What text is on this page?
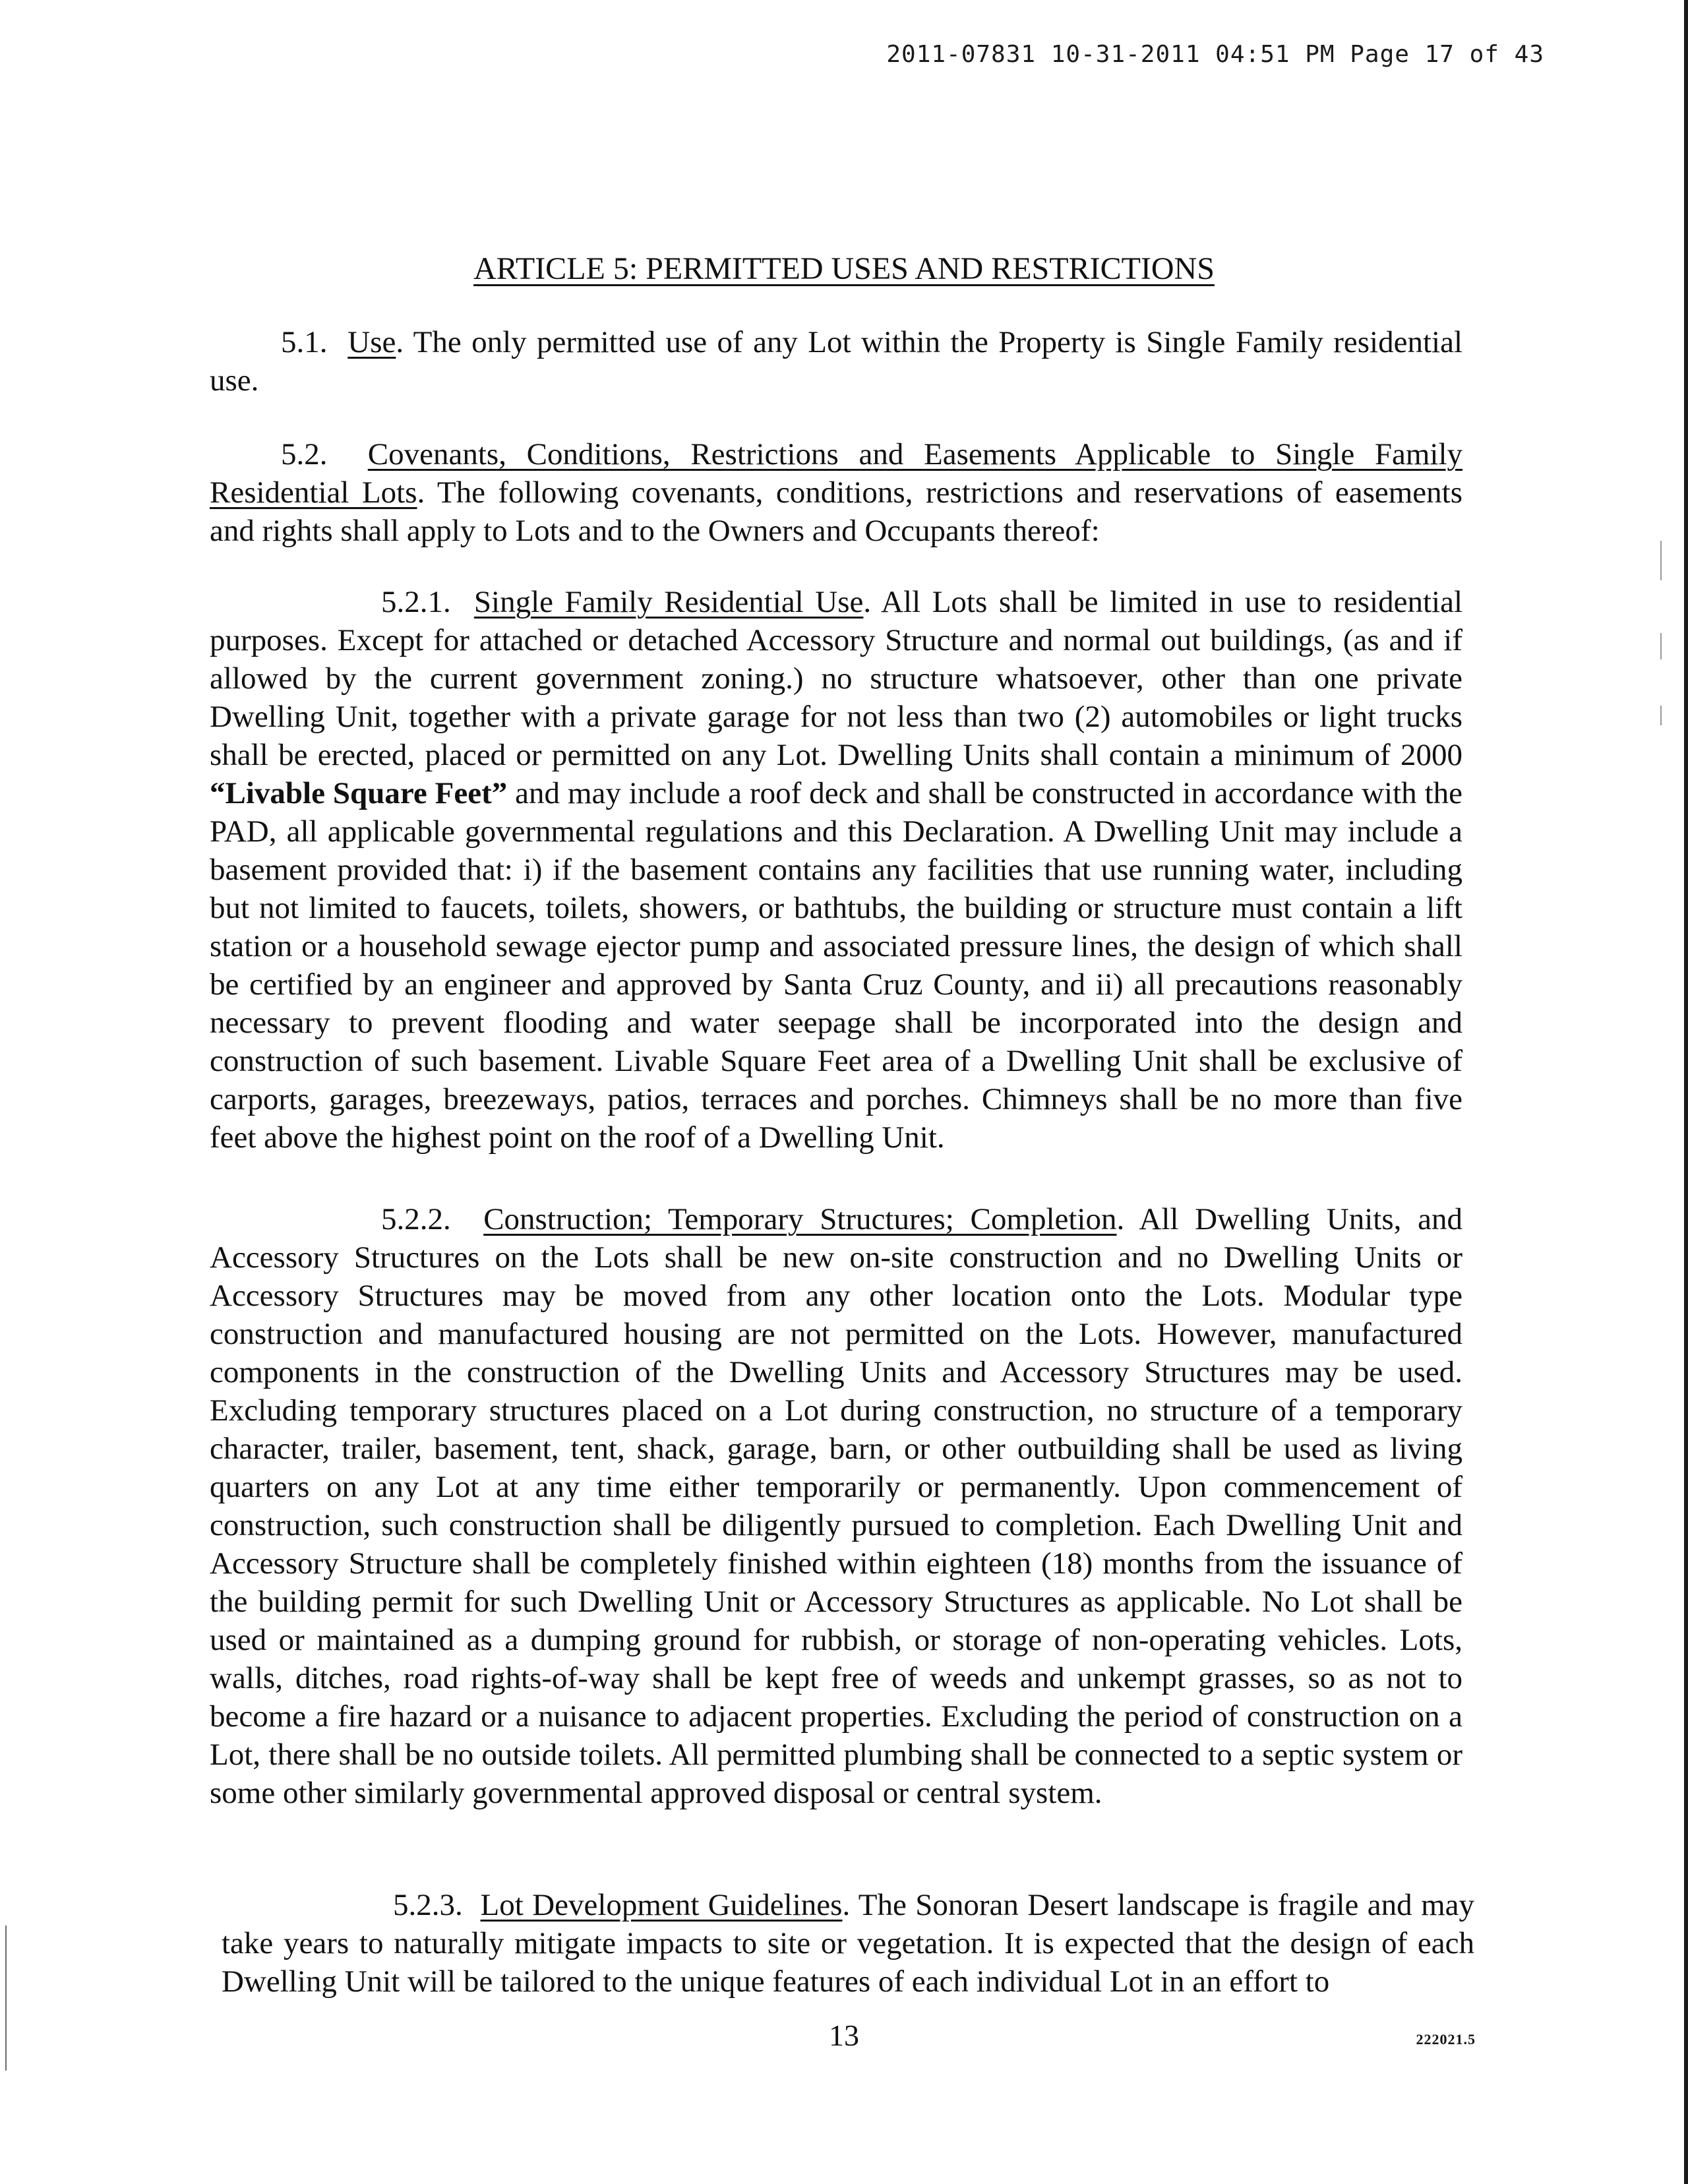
2011-07831 10-31-2011 04:51 PM Page 17 of 43
ARTICLE 5: PERMITTED USES AND RESTRICTIONS

5.1. Use. The only permitted use of any Lot within the Property is Single Family residential use.

5.2. Covenants, Conditions, Restrictions and Easements Applicable to Single Family Residential Lots. The following covenants, conditions, restrictions and reservations of easements and rights shall apply to Lots and to the Owners and Occupants thereof:

5.2.1. Single Family Residential Use. All Lots shall be limited in use to residential purposes. Except for attached or detached Accessory Structure and normal out buildings, (as and if allowed by the current government zoning.) no structure whatsoever, other than one private Dwelling Unit, together with a private garage for not less than two (2) automobiles or light trucks shall be erected, placed or permitted on any Lot. Dwelling Units shall contain a minimum of 2000 “Livable Square Feet” and may include a roof deck and shall be constructed in accordance with the PAD, all applicable governmental regulations and this Declaration. A Dwelling Unit may include a basement provided that: i) if the basement contains any facilities that use running water, including but not limited to faucets, toilets, showers, or bathtubs, the building or structure must contain a lift station or a household sewage ejector pump and associated pressure lines, the design of which shall be certified by an engineer and approved by Santa Cruz County, and ii) all precautions reasonably necessary to prevent flooding and water seepage shall be incorporated into the design and construction of such basement. Livable Square Feet area of a Dwelling Unit shall be exclusive of carports, garages, breezeways, patios, terraces and porches. Chimneys shall be no more than five feet above the highest point on the roof of a Dwelling Unit.

5.2.2. Construction; Temporary Structures; Completion. All Dwelling Units, and Accessory Structures on the Lots shall be new on-site construction and no Dwelling Units or Accessory Structures may be moved from any other location onto the Lots. Modular type construction and manufactured housing are not permitted on the Lots. However, manufactured components in the construction of the Dwelling Units and Accessory Structures may be used. Excluding temporary structures placed on a Lot during construction, no structure of a temporary character, trailer, basement, tent, shack, garage, barn, or other outbuilding shall be used as living quarters on any Lot at any time either temporarily or permanently. Upon commencement of construction, such construction shall be diligently pursued to completion. Each Dwelling Unit and Accessory Structure shall be completely finished within eighteen (18) months from the issuance of the building permit for such Dwelling Unit or Accessory Structures as applicable. No Lot shall be used or maintained as a dumping ground for rubbish, or storage of non-operating vehicles. Lots, walls, ditches, road rights-of-way shall be kept free of weeds and unkempt grasses, so as not to become a fire hazard or a nuisance to adjacent properties. Excluding the period of construction on a Lot, there shall be no outside toilets. All permitted plumbing shall be connected to a septic system or some other similarly governmental approved disposal or central system.

5.2.3. Lot Development Guidelines. The Sonoran Desert landscape is fragile and may take years to naturally mitigate impacts to site or vegetation. It is expected that the design of each Dwelling Unit will be tailored to the unique features of each individual Lot in an effort to

13	222021.5
